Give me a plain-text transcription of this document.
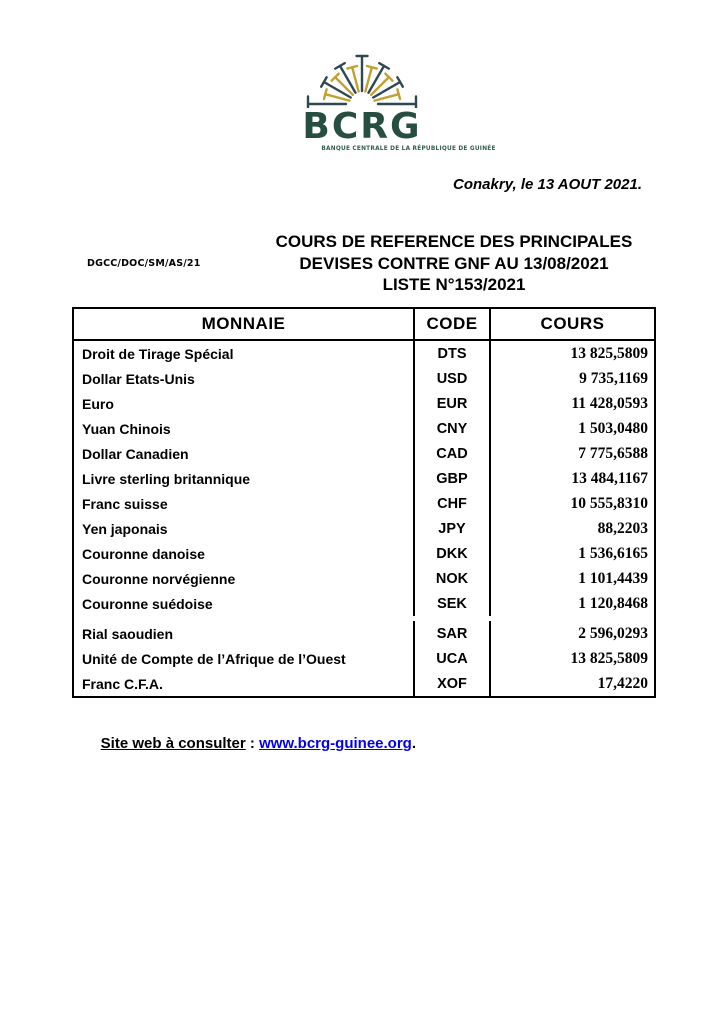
BCRG
BANQUE CENTRALE DE LA RÉPUBLIQUE DE GUINÉE
Conakry, le 13 AOUT 2021.
DGCC/DOC/SM/AS/21
COURS DE REFERENCE DES PRINCIPALES
DEVISES CONTRE GNF AU 13/08/2021
LISTE N°153/2021
MONNAIE	CODE	COURS
Droit de Tirage Spécial	DTS	13 825,5809
Dollar Etats-Unis	USD	9 735,1169
Euro	EUR	11 428,0593
Yuan Chinois	CNY	1 503,0480
Dollar Canadien	CAD	7 775,6588
Livre sterling britannique	GBP	13 484,1167
Franc suisse	CHF	10 555,8310
Yen japonais	JPY	88,2203
Couronne danoise	DKK	1 536,6165
Couronne norvégienne	NOK	1 101,4439
Couronne suédoise	SEK	1 120,8468
Rial saoudien	SAR	2 596,0293
Unité de Compte de l’Afrique de l’Ouest	UCA	13 825,5809
Franc C.F.A.	XOF	17,4220

Site web à consulter : www.bcrg-guinee.org.
